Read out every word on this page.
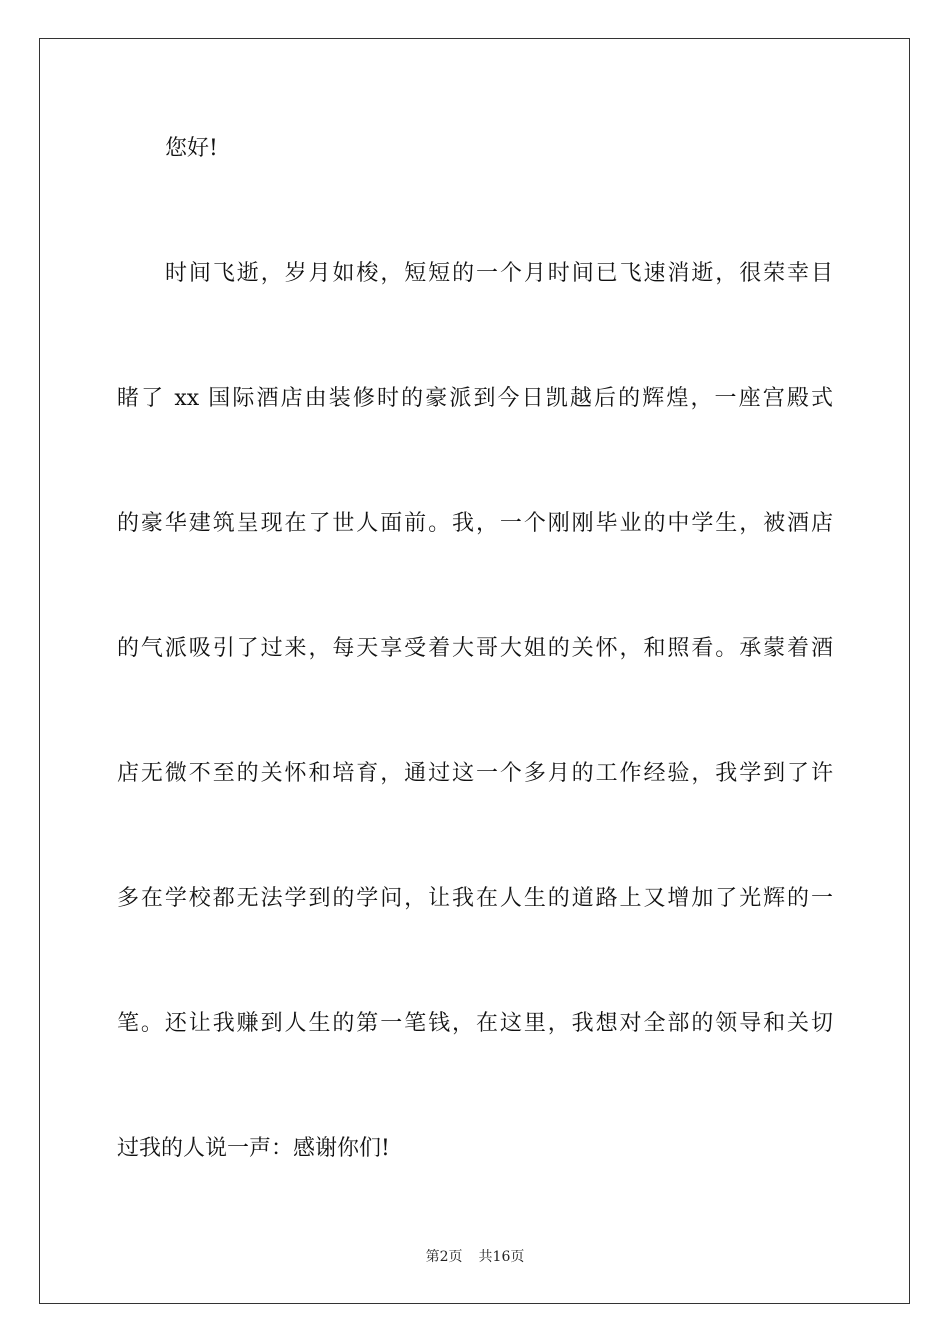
您好!
时间飞逝，岁月如梭，短短的一个月时间已飞速消逝，很荣幸目
睹了 xx 国际酒店由装修时的豪派到今日凯越后的辉煌，一座宫殿式
的豪华建筑呈现在了世人面前。我，一个刚刚毕业的中学生，被酒店
的气派吸引了过来，每天享受着大哥大姐的关怀，和照看。承蒙着酒
店无微不至的关怀和培育，通过这一个多月的工作经验，我学到了许
多在学校都无法学到的学问，让我在人生的道路上又增加了光辉的一
笔。还让我赚到人生的第一笔钱，在这里，我想对全部的领导和关切
过我的人说一声：感谢你们!
第2页 共16页
